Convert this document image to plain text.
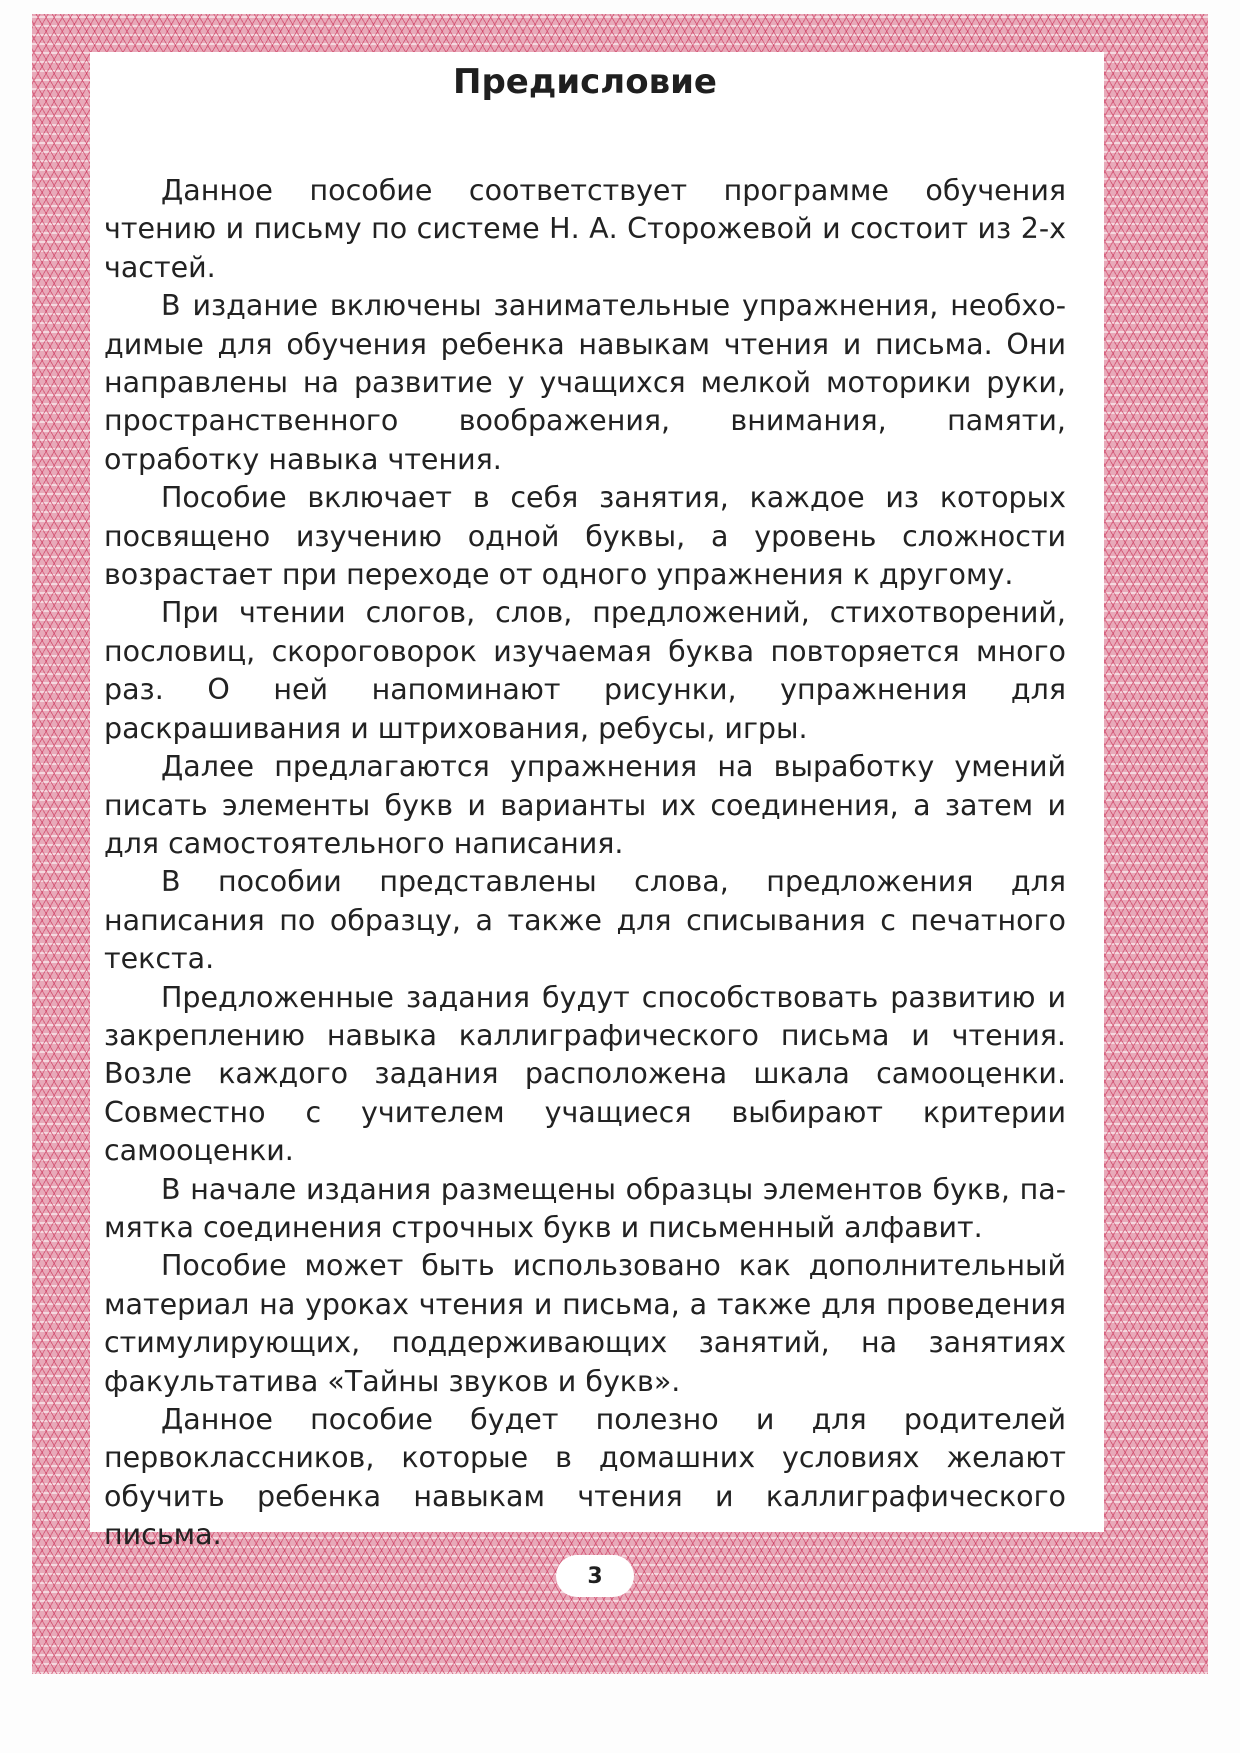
Предисловие

Данное пособие соответствует программе обучения чтению и письму по системе Н. А. Сторожевой и состоит из 2-х частей.

В издание включены занимательные упражнения, необходимые для обучения ребенка навыкам чтения и письма. Они направлены на развитие у учащихся мелкой моторики руки, пространственного воображения, внимания, памяти, отработку навыка чтения.

Пособие включает в себя занятия, каждое из которых посвящено изучению одной буквы, а уровень сложности возрастает при переходе от одного упражнения к другому.

При чтении слогов, слов, предложений, стихотворений, пословиц, скороговорок изучаемая буква повторяется много раз. О ней напоминают рисунки, упражнения для раскрашивания и штрихования, ребусы, игры.

Далее предлагаются упражнения на выработку умений писать элементы букв и варианты их соединения, а затем и для самостоятельного написания.

В пособии представлены слова, предложения для написания по образцу, а также для списывания с печатного текста.

Предложенные задания будут способствовать развитию и закреплению навыка каллиграфического письма и чтения. Возле каждого задания расположена шкала самооценки. Совместно с учителем учащиеся выбирают критерии самооценки.

В начале издания размещены образцы элементов букв, памятка соединения строчных букв и письменный алфавит.

Пособие может быть использовано как дополнительный материал на уроках чтения и письма, а также для проведения стимулирующих, поддерживающих занятий, на занятиях факультатива «Тайны звуков и букв».

Данное пособие будет полезно и для родителей первоклассников, которые в домашних условиях желают обучить ребенка навыкам чтения и каллиграфического письма.

3
